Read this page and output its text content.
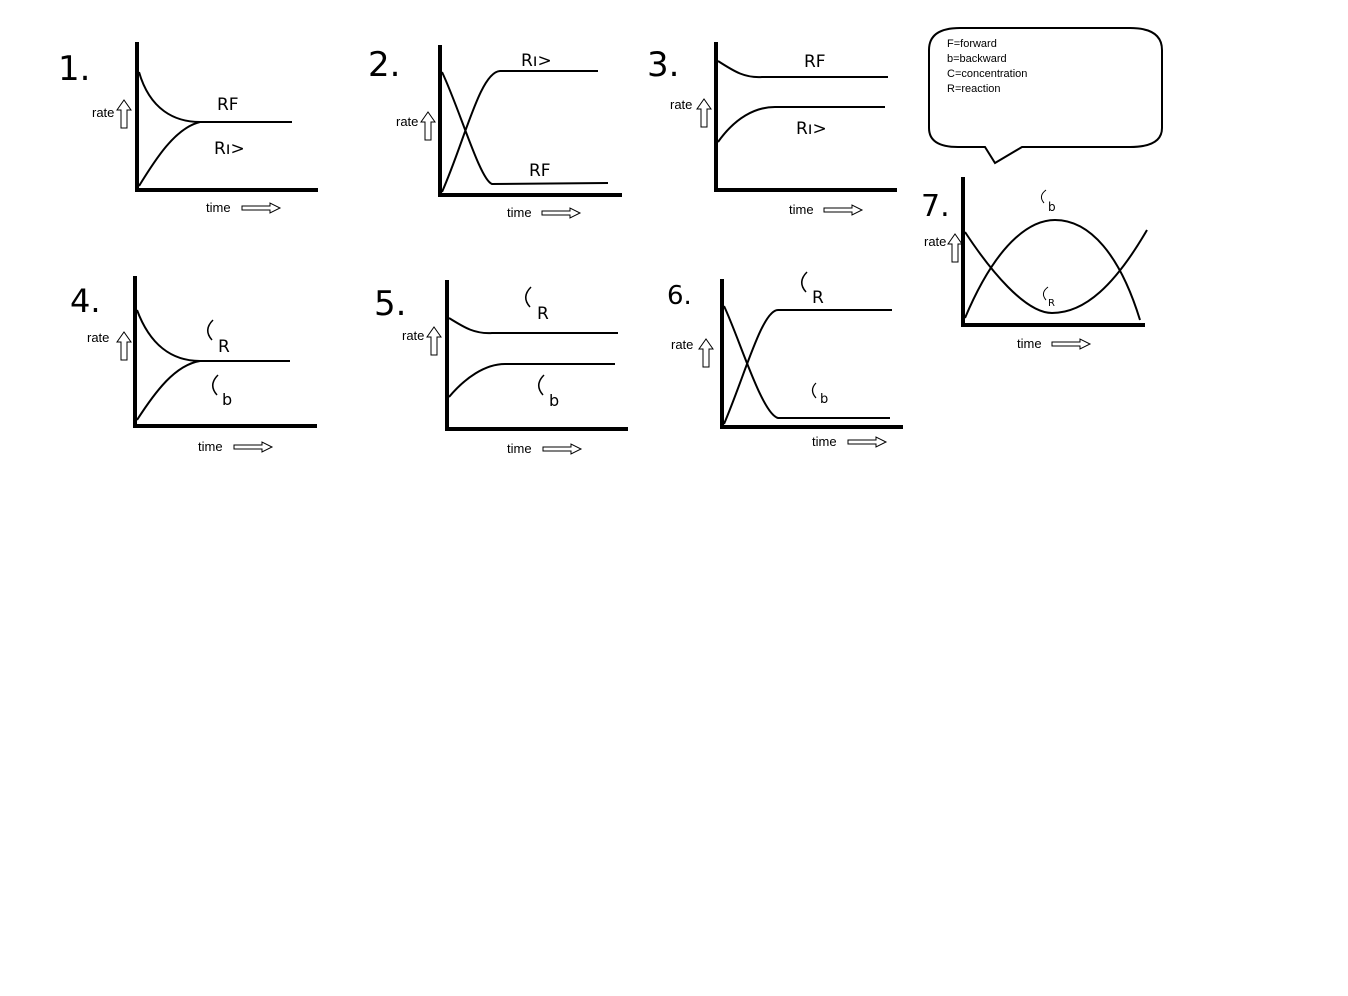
1.
rate	RF
Rı>
time
2.
rate
Rı>
RF
time
3.
rate
RF
Rı>
time
F=forward
b=backward
C=concentration
R=reaction
7.
rate
b
R
time
4.
rate	R
b
time
5.
rate
R
b
time
6.
rate
R
b
time
